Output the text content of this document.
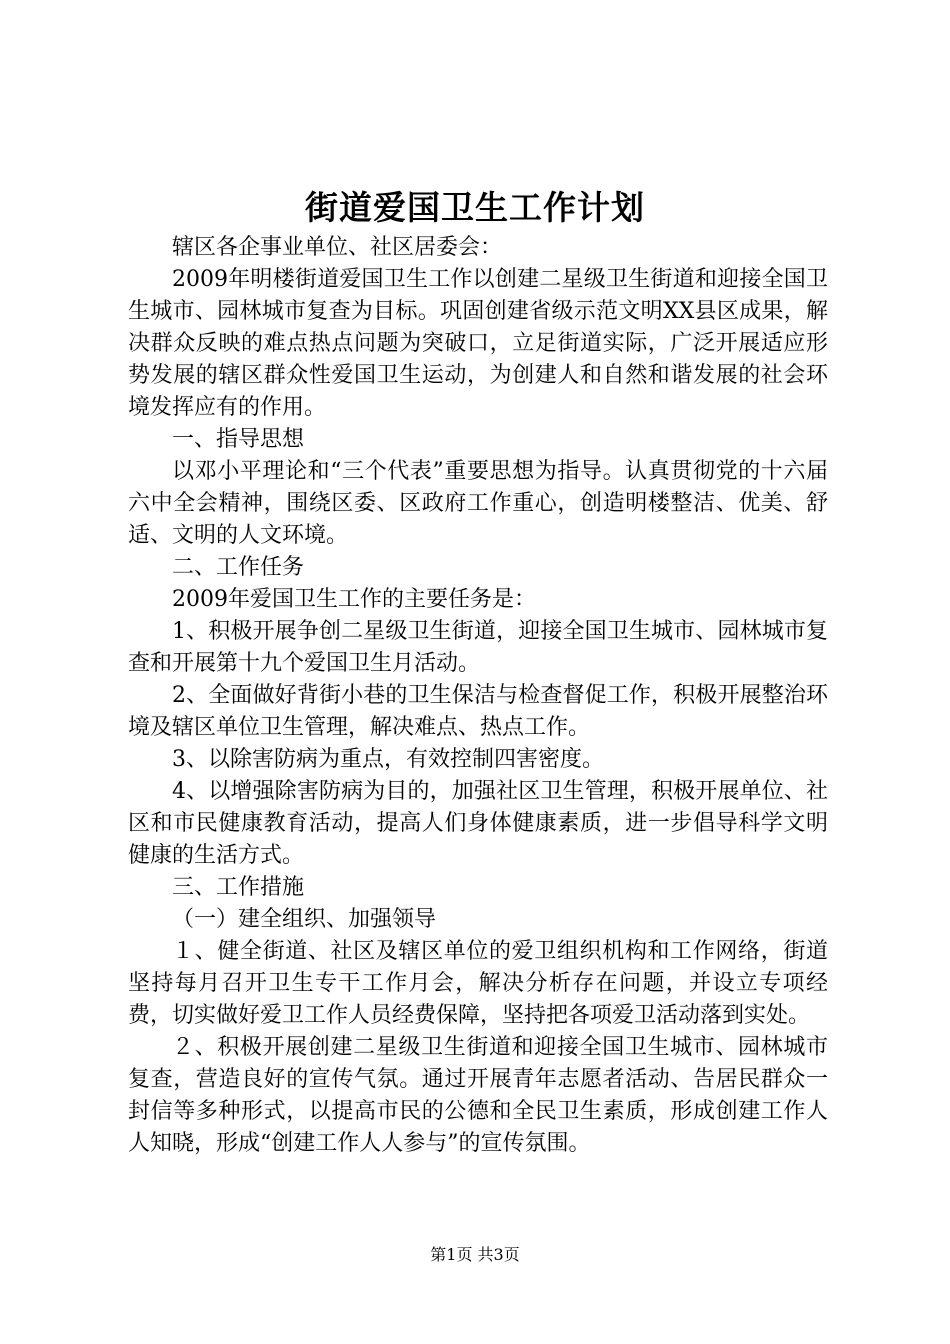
街道爱国卫生工作计划

辖区各企事业单位、社区居委会：

2009年明楼街道爱国卫生工作以创建二星级卫生街道和迎接全国卫生城市、园林城市复查为目标。巩固创建省级示范文明XX县区成果，解决群众反映的难点热点问题为突破口，立足街道实际，广泛开展适应形势发展的辖区群众性爱国卫生运动，为创建人和自然和谐发展的社会环境发挥应有的作用。

一、指导思想

以邓小平理论和“三个代表”重要思想为指导。认真贯彻党的十六届六中全会精神，围绕区委、区政府工作重心，创造明楼整洁、优美、舒适、文明的人文环境。

二、工作任务

2009年爱国卫生工作的主要任务是：

1、积极开展争创二星级卫生街道，迎接全国卫生城市、园林城市复查和开展第十九个爱国卫生月活动。

2、全面做好背街小巷的卫生保洁与检查督促工作，积极开展整治环境及辖区单位卫生管理，解决难点、热点工作。

3、以除害防病为重点，有效控制四害密度。

4、以增强除害防病为目的，加强社区卫生管理，积极开展单位、社区和市民健康教育活动，提高人们身体健康素质，进一步倡导科学文明健康的生活方式。

三、工作措施

（一）建全组织、加强领导

１、健全街道、社区及辖区单位的爱卫组织机构和工作网络，街道坚持每月召开卫生专干工作月会，解决分析存在问题，并设立专项经费，切实做好爱卫工作人员经费保障，坚持把各项爱卫活动落到实处。

２、积极开展创建二星级卫生街道和迎接全国卫生城市、园林城市复查，营造良好的宣传气氛。通过开展青年志愿者活动、告居民群众一封信等多种形式，以提高市民的公德和全民卫生素质，形成创建工作人人知晓，形成“创建工作人人参与”的宣传氛围。

第1页 共3页
